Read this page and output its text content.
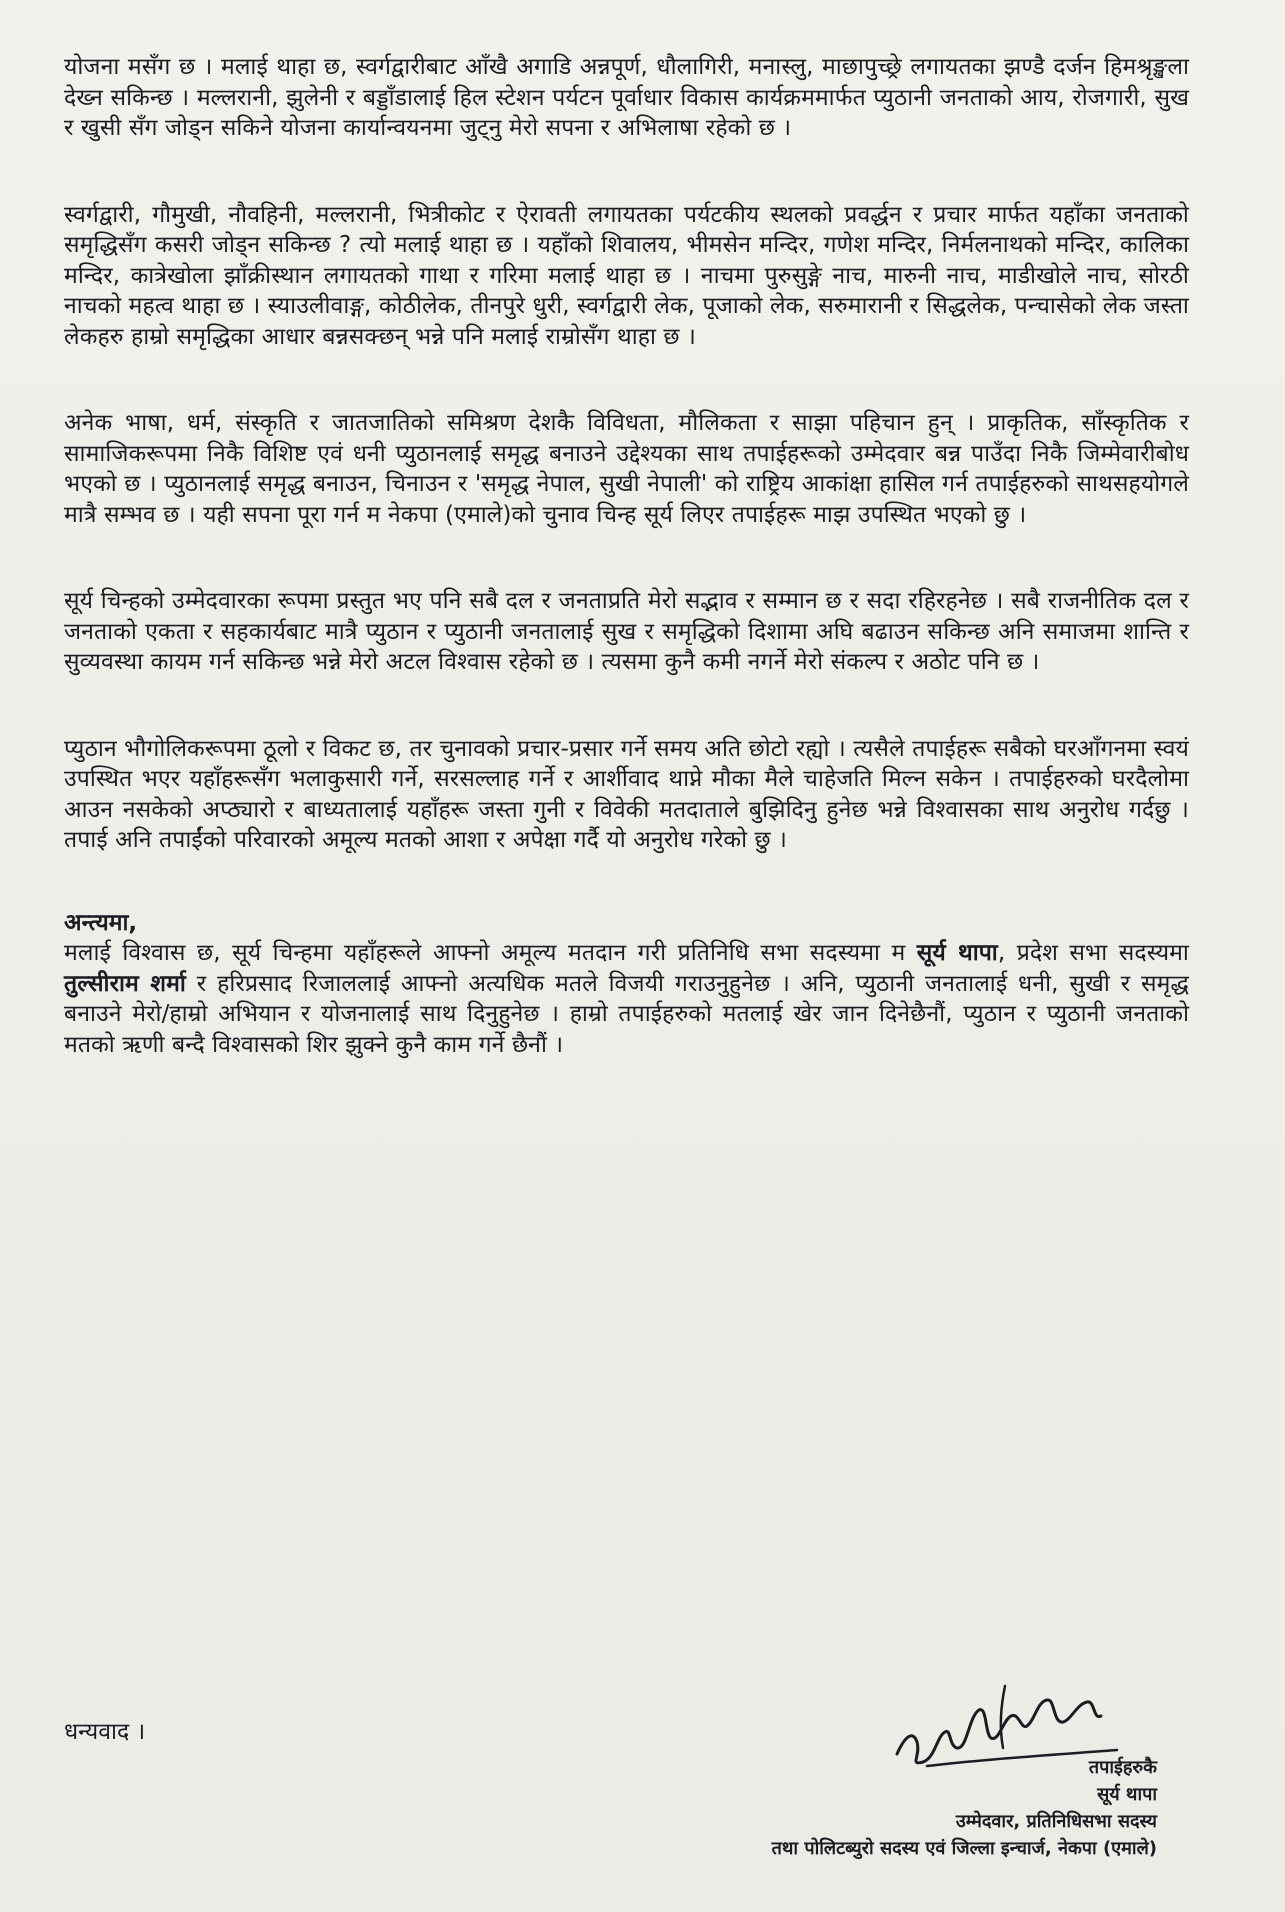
योजना मसँग छ । मलाई थाहा छ, स्वर्गद्वारीबाट आँखै अगाडि अन्नपूर्ण, धौलागिरी, मनास्लु, माछापुच्छ्रे लगायतका झण्डै दर्जन हिमश्रृङ्खला देख्न सकिन्छ । मल्लरानी, झुलेनी र बड्डाँडालाई हिल स्टेशन पर्यटन पूर्वाधार विकास कार्यक्रममार्फत प्युठानी जनताको आय, रोजगारी, सुख र खुसी सँग जोड्न सकिने योजना कार्यान्वयनमा जुट्नु मेरो सपना र अभिलाषा रहेको छ ।

स्वर्गद्वारी, गौमुखी, नौवहिनी, मल्लरानी, भित्रीकोट र ऐरावती लगायतका पर्यटकीय स्थलको प्रवर्द्धन र प्रचार मार्फत यहाँका जनताको समृद्धिसँग कसरी जोड्न सकिन्छ ? त्यो मलाई थाहा छ । यहाँको शिवालय, भीमसेन मन्दिर, गणेश मन्दिर, निर्मलनाथको मन्दिर, कालिका मन्दिर, कात्रेखोला झाँक्रीस्थान लगायतको गाथा र गरिमा मलाई थाहा छ । नाचमा पुरुसुङ्गे नाच, मारुनी नाच, माडीखोले नाच, सोरठी नाचको महत्व थाहा छ । स्याउलीवाङ्ग, कोठीलेक, तीनपुरे धुरी, स्वर्गद्वारी लेक, पूजाको लेक, सरुमारानी र सिद्धलेक, पन्चासेको लेक जस्ता लेकहरु हाम्रो समृद्धिका आधार बन्नसक्छन् भन्ने पनि मलाई राम्रोसँग थाहा छ ।

अनेक भाषा, धर्म, संस्कृति र जातजातिको समिश्रण देशकै विविधता, मौलिकता र साझा पहिचान हुन् । प्राकृतिक, साँस्कृतिक र सामाजिकरूपमा निकै विशिष्ट एवं धनी प्युठानलाई समृद्ध बनाउने उद्देश्यका साथ तपाईहरूको उम्मेदवार बन्न पाउँदा निकै जिम्मेवारीबोध भएको छ । प्युठानलाई समृद्ध बनाउन, चिनाउन र 'समृद्ध नेपाल, सुखी नेपाली' को राष्ट्रिय आकांक्षा हासिल गर्न तपाईहरुको साथसहयोगले मात्रै सम्भव छ । यही सपना पूरा गर्न म नेकपा (एमाले)को चुनाव चिन्ह सूर्य लिएर तपाईहरू माझ उपस्थित भएको छु ।

सूर्य चिन्हको उम्मेदवारका रूपमा प्रस्तुत भए पनि सबै दल र जनताप्रति मेरो सद्भाव र सम्मान छ र सदा रहिरहनेछ । सबै राजनीतिक दल र जनताको एकता र सहकार्यबाट मात्रै प्युठान र प्युठानी जनतालाई सुख र समृद्धिको दिशामा अघि बढाउन सकिन्छ अनि समाजमा शान्ति र सुव्यवस्था कायम गर्न सकिन्छ भन्ने मेरो अटल विश्वास रहेको छ । त्यसमा कुनै कमी नगर्ने मेरो संकल्प र अठोट पनि छ ।

प्युठान भौगोलिकरूपमा ठूलो र विकट छ, तर चुनावको प्रचार-प्रसार गर्ने समय अति छोटो रह्यो । त्यसैले तपाईहरू सबैको घरआँगनमा स्वयं उपस्थित भएर यहाँहरूसँग भलाकुसारी गर्ने, सरसल्लाह गर्ने र आर्शीवाद थाप्ने मौका मैले चाहेजति मिल्न सकेन । तपाईहरुको घरदैलोमा आउन नसकेको अप्ठ्यारो र बाध्यतालाई यहाँहरू जस्ता गुनी र विवेकी मतदाताले बुझिदिनु हुनेछ भन्ने विश्वासका साथ अनुरोध गर्दछु । तपाई अनि तपाईंको परिवारको अमूल्य मतको आशा र अपेक्षा गर्दै यो अनुरोध गरेको छु ।

अन्त्यमा,

मलाई विश्वास छ, सूर्य चिन्हमा यहाँहरूले आफ्नो अमूल्य मतदान गरी प्रतिनिधि सभा सदस्यमा म सूर्य थापा, प्रदेश सभा सदस्यमा तुल्सीराम शर्मा र हरिप्रसाद रिजाललाई आफ्नो अत्यधिक मतले विजयी गराउनुहुनेछ । अनि, प्युठानी जनतालाई धनी, सुखी र समृद्ध बनाउने मेरो/हाम्रो अभियान र योजनालाई साथ दिनुहुनेछ । हाम्रो तपाईहरुको मतलाई खेर जान दिनेछैनौं, प्युठान र प्युठानी जनताको मतको ऋणी बन्दै विश्वासको शिर झुक्ने कुनै काम गर्ने छैनौं ।

धन्यवाद ।

तपाईहरुकै
सूर्य थापा
उम्मेदवार, प्रतिनिधिसभा सदस्य
तथा पोलिटब्युरो सदस्य एवं जिल्ला इन्चार्ज, नेकपा (एमाले)
